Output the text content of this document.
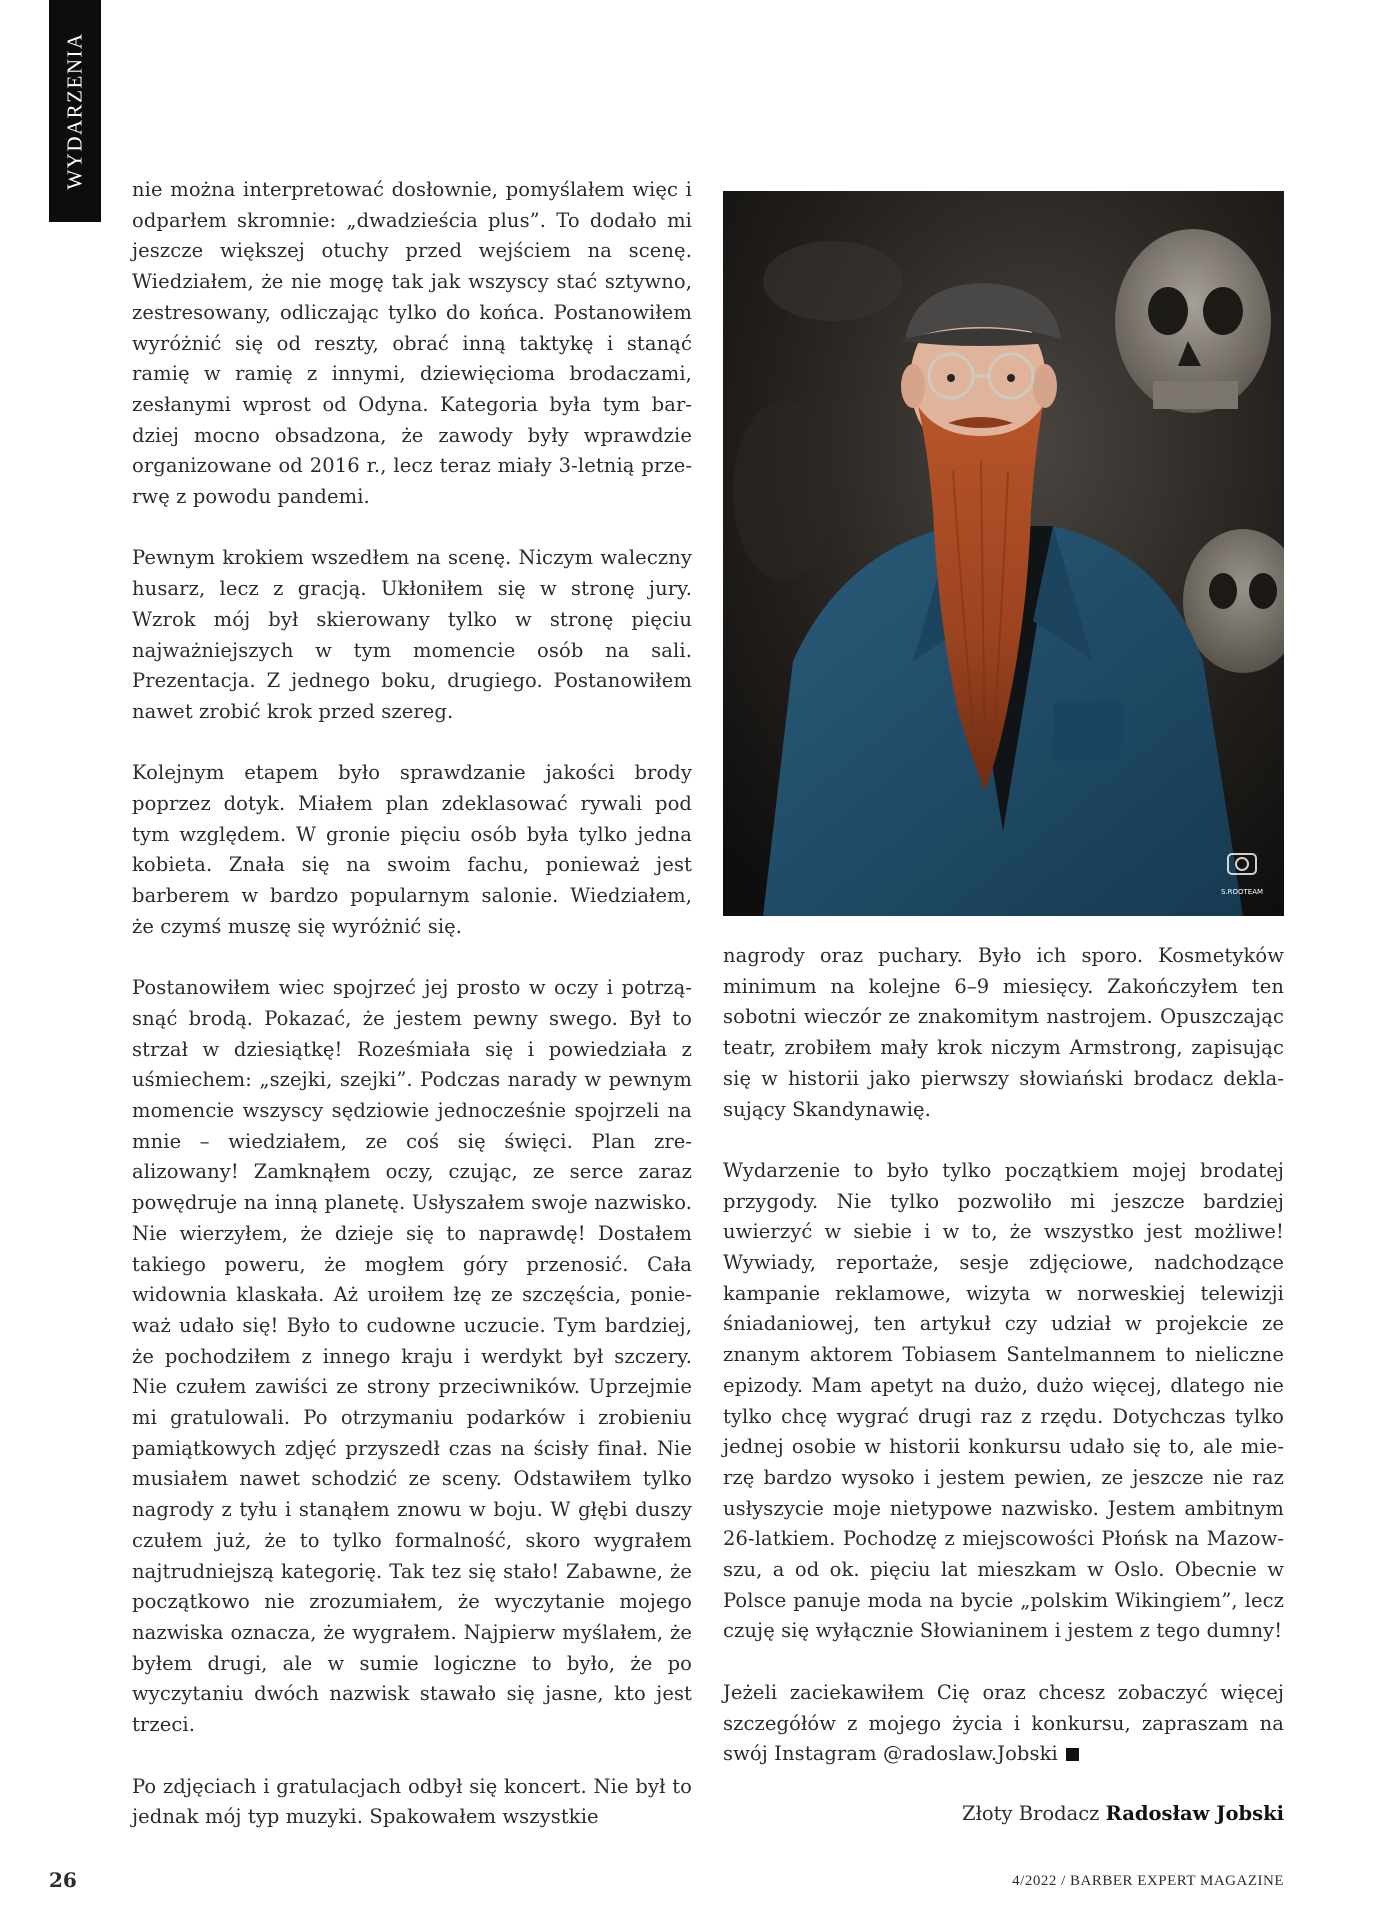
WYDARZENIA nie można interpretować dosłownie, pomyślałem więc i odparłem skromnie: „dwadzieścia plus”. To dodało mi jeszcze większej otuchy przed wejściem na scenę. Wiedziałem, że nie mogę tak jak wszyscy stać sztywno, zestresowany, odliczając tylko do końca. Postanowiłem wyróżnić się od reszty, obrać inną taktykę i stanąć ramię w ramię z innymi, dziewięcioma brodaczami, zesłanymi wprost od Odyna. Kategoria była tym bardziej mocno obsadzona, że zawody były wprawdzie organizowane od 2016 r., lecz teraz miały 3-letnią przerwę z powodu pandemi.

Pewnym krokiem wszedłem na scenę. Niczym waleczny husarz, lecz z gracją. Ukłoniłem się w stronę jury. Wzrok mój był skierowany tylko w stronę pięciu najważniejszych w tym momencie osób na sali. Prezentacja. Z jednego boku, drugiego. Postanowiłem nawet zrobić krok przed szereg.

Kolejnym etapem było sprawdzanie jakości brody poprzez dotyk. Miałem plan zdeklasować rywali pod tym względem. W gronie pięciu osób była tylko jedna kobieta. Znała się na swoim fachu, ponieważ jest barberem w bardzo popularnym salonie. Wiedziałem, że czymś muszę się wyróżnić się.

Postanowiłem wiec spojrzeć jej prosto w oczy i potrząsnąć brodą. Pokazać, że jestem pewny swego. Był to strzał w dziesiątkę! Roześmiała się i powiedziała z uśmiechem: „szejki, szejki”. Podczas narady w pewnym momencie wszyscy sędziowie jednocześnie spojrzeli na mnie – wiedziałem, ze coś się święci. Plan zrealizowany! Zamknąłem oczy, czując, ze serce zaraz powędruje na inną planetę. Usłyszałem swoje nazwisko. Nie wierzyłem, że dzieje się to naprawdę! Dostałem takiego poweru, że mogłem góry przenosić. Cała widownia klaskała. Aż uroiłem łzę ze szczęścia, ponieważ udało się! Było to cudowne uczucie. Tym bardziej, że pochodziłem z innego kraju i werdykt był szczery. Nie czułem zawiści ze strony przeciwników. Uprzejmie mi gratulowali. Po otrzymaniu podarków i zrobieniu pamiątkowych zdjęć przyszedł czas na ścisły finał. Nie musiałem nawet schodzić ze sceny. Odstawiłem tylko nagrody z tyłu i stanąłem znowu w boju. W głębi duszy czułem już, że to tylko formalność, skoro wygrałem najtrudniejszą kategorię. Tak tez się stało! Zabawne, że początkowo nie zrozumiałem, że wyczytanie mojego nazwiska oznacza, że wygrałem. Najpierw myślałem, że byłem drugi, ale w sumie logiczne to było, że po wyczytaniu dwóch nazwisk stawało się jasne, kto jest trzeci.

Po zdjęciach i gratulacjach odbył się koncert. Nie był to jednak mój typ muzyki. Spakowałem wszystkie

S.ROOTEAM

nagrody oraz puchary. Było ich sporo. Kosmetyków minimum na kolejne 6–9 miesięcy. Zakończyłem ten sobotni wieczór ze znakomitym nastrojem. Opuszczając teatr, zrobiłem mały krok niczym Armstrong, zapisując się w historii jako pierwszy słowiański brodacz deklasujący Skandynawię.

Wydarzenie to było tylko początkiem mojej brodatej przygody. Nie tylko pozwoliło mi jeszcze bardziej uwierzyć w siebie i w to, że wszystko jest możliwe! Wywiady, reportaże, sesje zdjęciowe, nadchodzące kampanie reklamowe, wizyta w norweskiej telewizji śniadaniowej, ten artykuł czy udział w projekcie ze znanym aktorem Tobiasem Santelmannem to nieliczne epizody. Mam apetyt na dużo, dużo więcej, dlatego nie tylko chcę wygrać drugi raz z rzędu. Dotychczas tylko jednej osobie w historii konkursu udało się to, ale mierzę bardzo wysoko i jestem pewien, ze jeszcze nie raz usłyszycie moje nietypowe nazwisko. Jestem ambitnym 26-latkiem. Pochodzę z miejscowości Płońsk na Mazowszu, a od ok. pięciu lat mieszkam w Oslo. Obecnie w Polsce panuje moda na bycie „polskim Wikingiem”, lecz czuję się wyłącznie Słowianinem i jestem z tego dumny!

Jeżeli zaciekawiłem Cię oraz chcesz zobaczyć więcej szczegółów z mojego życia i konkursu, zapraszam na swój Instagram @radoslaw.Jobski

Złoty Brodacz Radosław Jobski
26	4/2022 / BARBER EXPERT MAGAZINE
